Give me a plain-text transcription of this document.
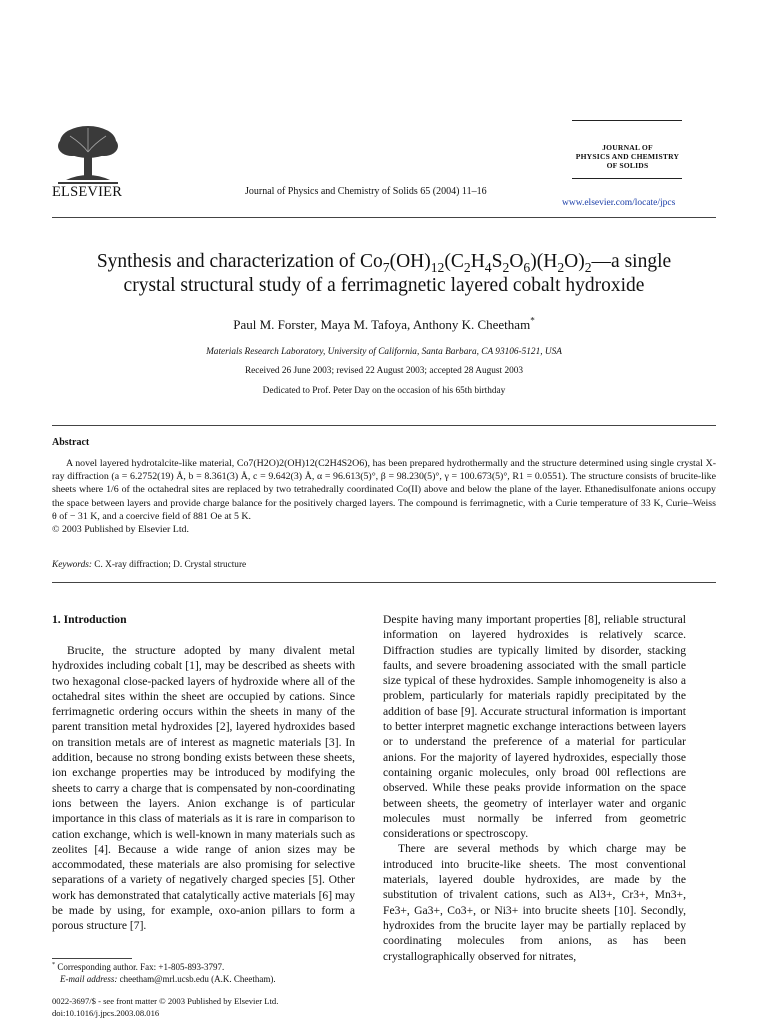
ELSEVIER	Journal of Physics and Chemistry of Solids 65 (2004) 11–16
JOURNAL OF
PHYSICS AND CHEMISTRY
OF SOLIDS
www.elsevier.com/locate/jpcs
Synthesis and characterization of $Co_7(OH)_{12}(C_2H_4S_2O_6)(H_2O)_2—a$ single
crystal structural study of a ferrimagnetic layered cobalt hydroxide
Paul M. Forster, Maya M. Tafoya, Anthony K. Cheetham*
Materials Research Laboratory, University of California, Santa Barbara, CA 93106-5121, USA
Received 26 June 2003; revised 22 August 2003; accepted 28 August 2003
Dedicated to Prof. Peter Day on the occasion of his 65th birthday
Abstract

A novel layered hydrotalcite-like material, Co7(H2O)2(OH)12(C2H4S2O6), has been prepared hydrothermally and the structure determined using single crystal X-ray diffraction (a = 6.2752(19) Å, b = 8.361(3) Å, c = 9.642(3) Å, α = 96.613(5)°, β = 98.230(5)°, γ = 100.673(5)°, R1 = 0.0551). The structure consists of brucite-like sheets where 1/6 of the octahedral sites are replaced by two tetrahedrally coordinated Co(II) above and below the plane of the layer. Ethanedisulfonate anions occupy the space between layers and provide charge balance for the positively charged layers. The compound is ferrimagnetic, with a Curie temperature of 33 K, Curie–Weiss θ of − 31 K, and a coercive field of 881 Oe at 5 K.

© 2003 Published by Elsevier Ltd.

Keywords: C. X-ray diffraction; D. Crystal structure
1. Introduction

Brucite, the structure adopted by many divalent metal hydroxides including cobalt [1], may be described as sheets with two hexagonal close-packed layers of hydroxide where all of the octahedral sites within the sheet are occupied by cations. Since ferrimagnetic ordering occurs within the sheets in many of the parent transition metal hydroxides [2], layered hydroxides based on transition metals are of interest as magnetic materials [3]. In addition, because no strong bonding exists between these sheets, ion exchange properties may be introduced by modifying the sheets to carry a charge that is compensated by non-coordinating ions between the layers. Anion exchange is of particular importance in this class of materials as it is rare in comparison to cation exchange, which is well-known in many materials such as zeolites [4]. Because a wide range of anion sizes may be accommodated, these materials are also promising for selective separations of a variety of negatively charged species [5]. Other work has demonstrated that catalytically active materials [6] may be made by using, for example, oxo-anion pillars to form a porous structure [7].

Despite having many important properties [8], reliable structural information on layered hydroxides is relatively scarce. Diffraction studies are typically limited by disorder, stacking faults, and severe broadening associated with the small particle size typical of these hydroxides. Sample inhomogeneity is also a problem, particularly for materials rapidly precipitated by the addition of base [9]. Accurate structural information is important to better interpret magnetic exchange interactions between layers or to understand the preference of a material for particular anions. For the majority of layered hydroxides, especially those containing organic molecules, only broad 00l reflections are observed. While these peaks provide information on the space between sheets, the geometry of interlayer water and organic molecules must normally be inferred from geometric considerations or spectroscopy.

There are several methods by which charge may be introduced into brucite-like sheets. The most conventional materials, layered double hydroxides, are made by the substitution of trivalent cations, such as Al3+, Cr3+, Mn3+, Fe3+, Ga3+, Co3+, or Ni3+ into brucite sheets [10]. Secondly, hydroxides from the brucite layer may be partially replaced by coordinating molecules from anions, as has been crystallographically observed for nitrates,

* Corresponding author. Fax: +1-805-893-3797.
E-mail address: cheetham@mrl.ucsb.edu (A.K. Cheetham).
0022-3697/$ - see front matter © 2003 Published by Elsevier Ltd.
doi:10.1016/j.jpcs.2003.08.016
